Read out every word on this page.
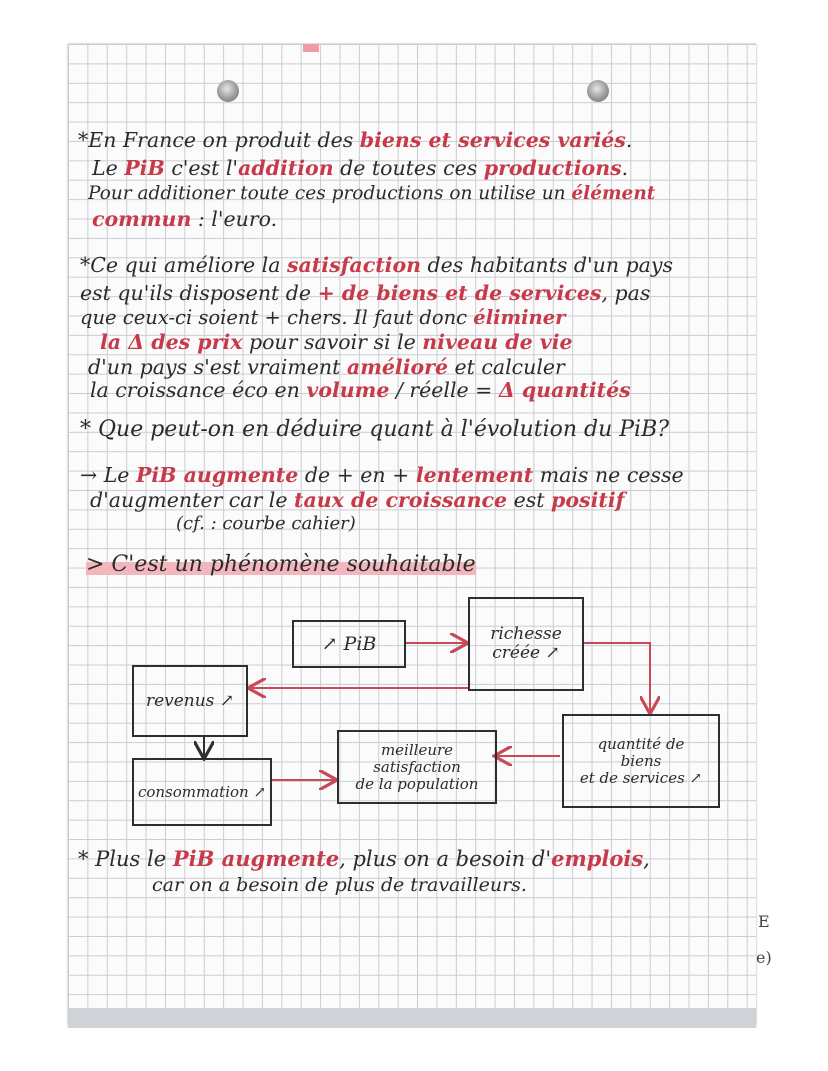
*En France on produit des biens et services variés.
Le PiB c'est l'addition de toutes ces productions.
Pour additioner toute ces productions on utilise un élément
commun : l'euro.
*Ce qui améliore la satisfaction des habitants d'un pays
est qu'ils disposent de + de biens et de services, pas
que ceux-ci soient + chers. Il faut donc éliminer
la Δ des prix pour savoir si le niveau de vie
d'un pays s'est vraiment amélioré et calculer
la croissance éco en volume / réelle = Δ quantités
* Que peut-on en déduire quant à l'évolution du PiB?
→ Le PiB augmente de + en + lentement mais ne cesse
d'augmenter car le taux de croissance est positif
(cf. : courbe cahier)
> C'est un phénomène souhaitable
↗ PiB	richesse
créée ↗
revenus ↗
consommation ↗
meilleure satisfaction
de la population
quantité de
biens
et de services ↗
* Plus le PiB augmente, plus on a besoin d'emplois,
car on a besoin de plus de travailleurs.
E
e)
